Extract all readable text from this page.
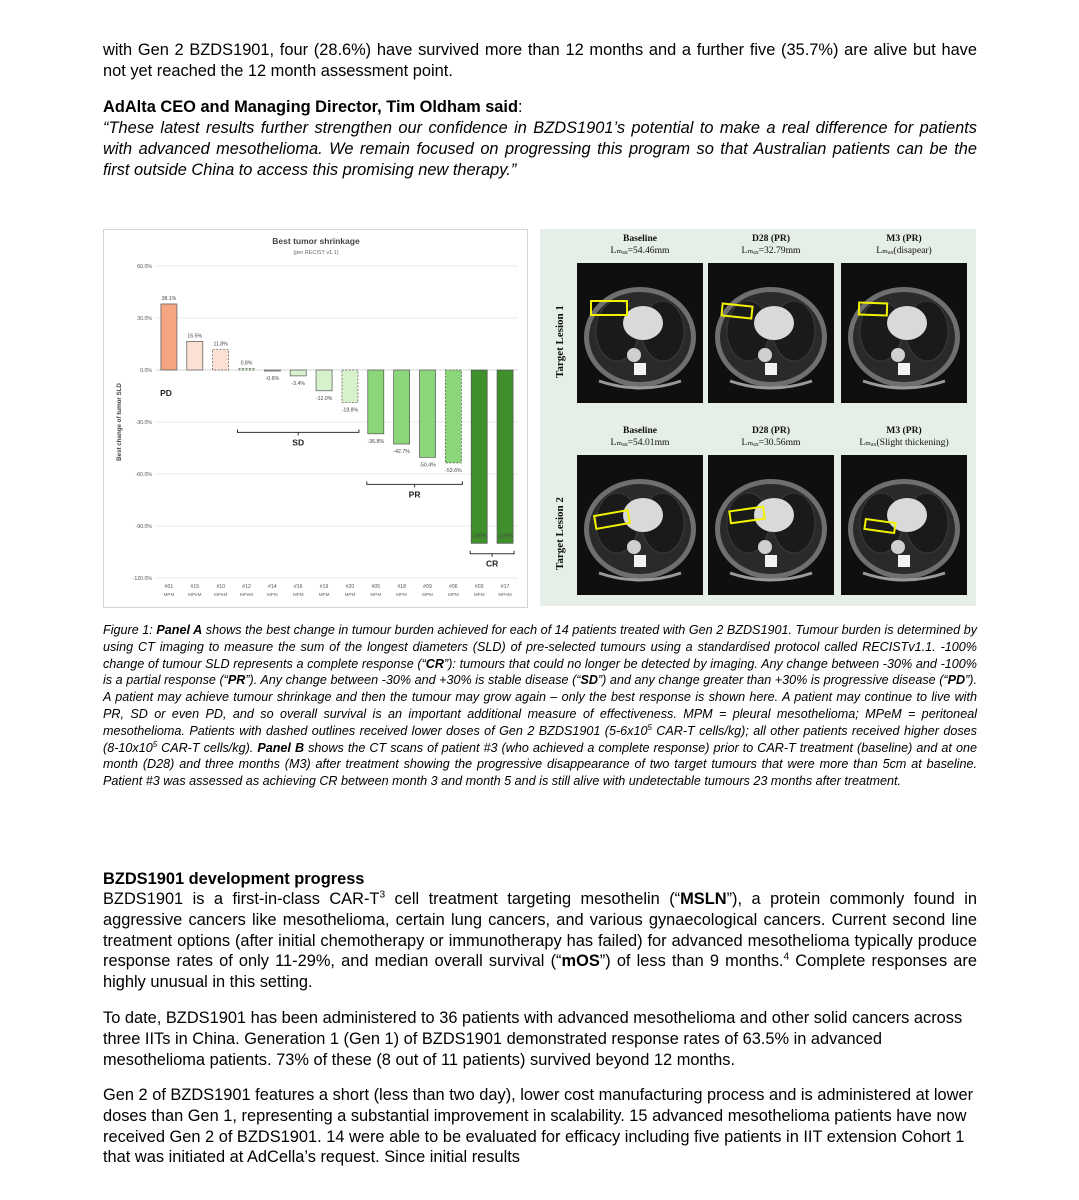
with Gen 2 BZDS1901, four (28.6%) have survived more than 12 months and a further five (35.7%) are alive but have not yet reached the 12 month assessment point.

AdAlta CEO and Managing Director, Tim Oldham said:

“These latest results further strengthen our confidence in BZDS1901’s potential to make a real difference for patients with advanced mesothelioma. We remain focused on progressing this program so that Australian patients can be the first outside China to access this promising new therapy.”

Best tumor shrinkage
(per RECIST v1.1)
60.0%
30.0%
0.0%
-30.0%
-60.0%
-90.0%
-120.0%
Best change of tumor SLD
38.1%
#01
MPM
16.5%
#15
MPeM
11.8%
#10
MPeM
0.8%
#12
MPeM
-0.6%
#14
MPM
-3.4%
#16
MPM
-12.0%
#19
MPM
-18.8%
#20
MPM
-36.8%
#05
MPM
-42.7%
#18
MPM
-50.4%
#09
MPM
-53.6%
#06
MPM
-100%
#03
MPM
-100%
#17
MPeM
PD
SD
PR
CR
Target Lesion 1
Baseline
Lₘₐₓ=54.46mm
D28 (PR)
Lₘₐₓ=32.79mm
M3 (PR)
Lₘₐₓ(disapear)
Target Lesion 2
Baseline
Lₘₐₓ=54.01mm
D28 (PR)
Lₘₐₓ=30.56mm
M3 (PR)
Lₘₐₓ(Slight thickening)

Figure 1: Panel A shows the best change in tumour burden achieved for each of 14 patients treated with Gen 2 BZDS1901. Tumour burden is determined by using CT imaging to measure the sum of the longest diameters (SLD) of pre-selected tumours using a standardised protocol called RECISTv1.1. -100% change of tumour SLD represents a complete response (“CR”): tumours that could no longer be detected by imaging. Any change between -30% and -100% is a partial response (“PR”). Any change between -30% and +30% is stable disease (“SD”) and any change greater than +30% is progressive disease (“PD”). A patient may achieve tumour shrinkage and then the tumour may grow again – only the best response is shown here. A patient may continue to live with PR, SD or even PD, and so overall survival is an important additional measure of effectiveness. MPM = pleural mesothelioma; MPeM = peritoneal mesothelioma. Patients with dashed outlines received lower doses of Gen 2 BZDS1901 ($5-6x10^5$ CAR-T cells/kg); all other patients received higher doses ($8-10x10^5$ CAR-T cells/kg). Panel B shows the CT scans of patient #3 (who achieved a complete response) prior to CAR-T treatment (baseline) and at one month (D28) and three months (M3) after treatment showing the progressive disappearance of two target tumours that were more than 5cm at baseline. Patient #3 was assessed as achieving CR between month 3 and month 5 and is still alive with undetectable tumours 23 months after treatment.

BZDS1901 development progress

BZDS1901 is a first-in-class CAR-$T^3$ cell treatment targeting mesothelin (“MSLN”), a protein commonly found in aggressive cancers like mesothelioma, certain lung cancers, and various gynaecological cancers. Current second line treatment options (after initial chemotherapy or immunotherapy has failed) for advanced mesothelioma typically produce response rates of only 11-29%, and median overall survival (“mOS”) of less than 9 months.$^4$ Complete responses are highly unusual in this setting.

To date, BZDS1901 has been administered to 36 patients with advanced mesothelioma and other solid cancers across three IITs in China. Generation 1 (Gen 1) of BZDS1901 demonstrated response rates of 63.5% in advanced mesothelioma patients. 73% of these (8 out of 11 patients) survived beyond 12 months.

Gen 2 of BZDS1901 features a short (less than two day), lower cost manufacturing process and is administered at lower doses than Gen 1, representing a substantial improvement in scalability. 15 advanced mesothelioma patients have now received Gen 2 of BZDS1901. 14 were able to be evaluated for efficacy including five patients in IIT extension Cohort 1 that was initiated at AdCella’s request. Since initial results
